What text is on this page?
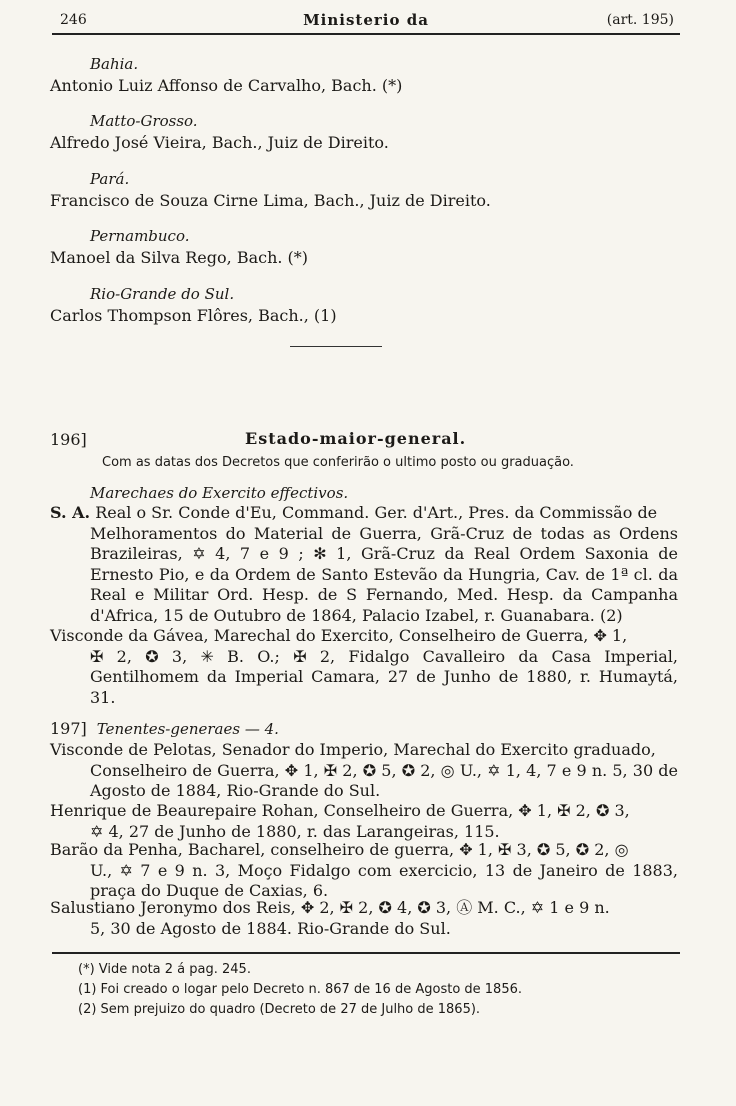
246	Ministerio da	(art. 195)
Bahia.
Antonio Luiz Affonso de Carvalho, Bach. (*)
Matto-Grosso.
Alfredo José Vieira, Bach., Juiz de Direito.
Pará.
Francisco de Souza Cirne Lima, Bach., Juiz de Direito.
Pernambuco.
Manoel da Silva Rego, Bach. (*)
Rio-Grande do Sul.
Carlos Thompson Flôres, Bach., (1)
196]	Estado-maior-general.
Com as datas dos Decretos que conferirão o ultimo posto ou graduação.
Marechaes do Exercito effectivos.
S. A. Real o Sr. Conde d'Eu, Command. Ger. d'Art., Pres. da Commissão de
Melhoramentos do Material de Guerra, Grã-Cruz de todas as Ordens Brazileiras, ✡ 4, 7 e 9 ; ✻ 1, Grã-Cruz da Real Ordem Saxonia de Ernesto Pio, e da Ordem de Santo Estevão da Hungria, Cav. de 1ª cl. da Real e Militar Ord. Hesp. de S Fernando, Med. Hesp. da Campanha d'Africa, 15 de Outubro de 1864, Palacio Izabel, r. Guanabara. (2)
Visconde da Gávea, Marechal do Exercito, Conselheiro de Guerra, ✥ 1,
✠ 2, ✪ 3, ✳ B. O.; ✠ 2, Fidalgo Cavalleiro da Casa Imperial, Gentilhomem da Imperial Camara, 27 de Junho de 1880, r. Humaytá, 31.
197] Tenentes-generaes — 4.
Visconde de Pelotas, Senador do Imperio, Marechal do Exercito graduado,
Conselheiro de Guerra, ✥ 1, ✠ 2, ✪ 5, ✪ 2, ◎ U., ✡ 1, 4, 7 e 9 n. 5, 30 de Agosto de 1884, Rio-Grande do Sul.
Henrique de Beaurepaire Rohan, Conselheiro de Guerra, ✥ 1, ✠ 2, ✪ 3,
✡ 4, 27 de Junho de 1880, r. das Larangeiras, 115.
Barão da Penha, Bacharel, conselheiro de guerra, ✥ 1, ✠ 3, ✪ 5, ✪ 2, ◎
U., ✡ 7 e 9 n. 3, Moço Fidalgo com exercicio, 13 de Janeiro de 1883, praça do Duque de Caxias, 6.
Salustiano Jeronymo dos Reis, ✥ 2, ✠ 2, ✪ 4, ✪ 3, Ⓐ M. C., ✡ 1 e 9 n.
5, 30 de Agosto de 1884. Rio-Grande do Sul.
(*) Vide nota 2 á pag. 245.
(1) Foi creado o logar pelo Decreto n. 867 de 16 de Agosto de 1856.
(2) Sem prejuizo do quadro (Decreto de 27 de Julho de 1865).
